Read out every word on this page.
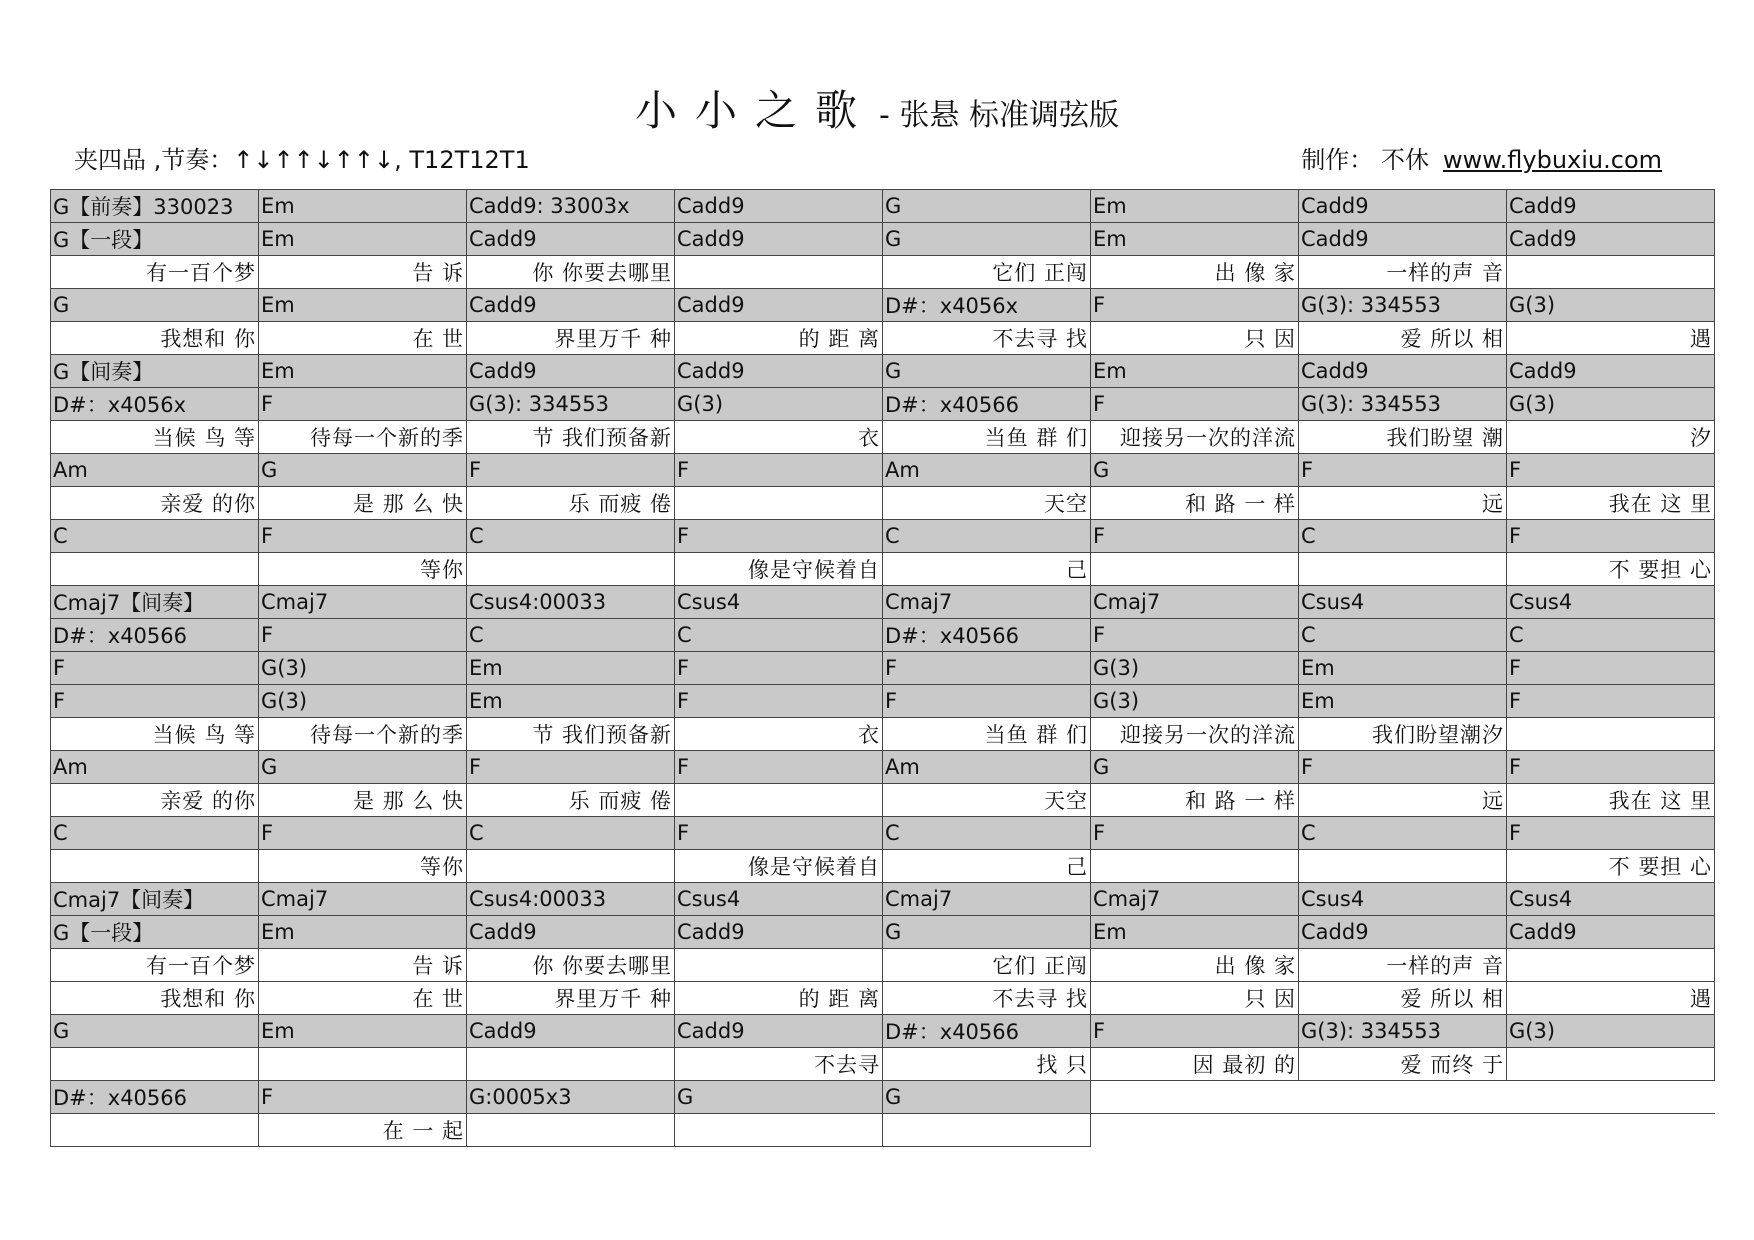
小小之歌 - 张悬 标准调弦版
夹四品 ,节奏：↑↓↑↑↓↑↑↓, T12T12T1	制作： 不休 www.flybuxiu.com
G【前奏】330023	Em	Cadd9: 33003x	Cadd9	G	Em	Cadd9	Cadd9
G【一段】	Em	Cadd9	Cadd9	G	Em	Cadd9	Cadd9
有一百个梦	告 诉	你 你要去哪里		它们 正闯	出 像 家	一样的声 音	
G	Em	Cadd9	Cadd9	D#：x4056x	F	G(3): 334553	G(3)
我想和 你	在 世	界里万千 种	的 距 离	不去寻 找	只 因	爱 所以 相	遇
G【间奏】	Em	Cadd9	Cadd9	G	Em	Cadd9	Cadd9
D#：x4056x	F	G(3): 334553	G(3)	D#：x40566	F	G(3): 334553	G(3)
当候 鸟 等	待每一个新的季	节 我们预备新	衣	当鱼 群 们	迎接另一次的洋流	我们盼望 潮	汐
Am	G	F	F	Am	G	F	F
亲爱 的你	是 那 么 快	乐 而疲 倦		天空	和 路 一 样	远	我在 这 里
C	F	C	F	C	F	C	F
	等你		像是守候着自	己			不 要担 心
Cmaj7【间奏】	Cmaj7	Csus4:00033	Csus4	Cmaj7	Cmaj7	Csus4	Csus4
D#：x40566	F	C	C	D#：x40566	F	C	C
F	G(3)	Em	F	F	G(3)	Em	F
F	G(3)	Em	F	F	G(3)	Em	F
当候 鸟 等	待每一个新的季	节 我们预备新	衣	当鱼 群 们	迎接另一次的洋流	我们盼望潮汐	
Am	G	F	F	Am	G	F	F
亲爱 的你	是 那 么 快	乐 而疲 倦		天空	和 路 一 样	远	我在 这 里
C	F	C	F	C	F	C	F
	等你		像是守候着自	己			不 要担 心
Cmaj7【间奏】	Cmaj7	Csus4:00033	Csus4	Cmaj7	Cmaj7	Csus4	Csus4
G【一段】	Em	Cadd9	Cadd9	G	Em	Cadd9	Cadd9
有一百个梦	告 诉	你 你要去哪里		它们 正闯	出 像 家	一样的声 音	
我想和 你	在 世	界里万千 种	的 距 离	不去寻 找	只 因	爱 所以 相	遇
G	Em	Cadd9	Cadd9	D#：x40566	F	G(3): 334553	G(3)
			不去寻	找 只	因 最初 的	爱 而终 于	
D#：x40566	F	G:0005x3	G	G			
	在 一 起						
